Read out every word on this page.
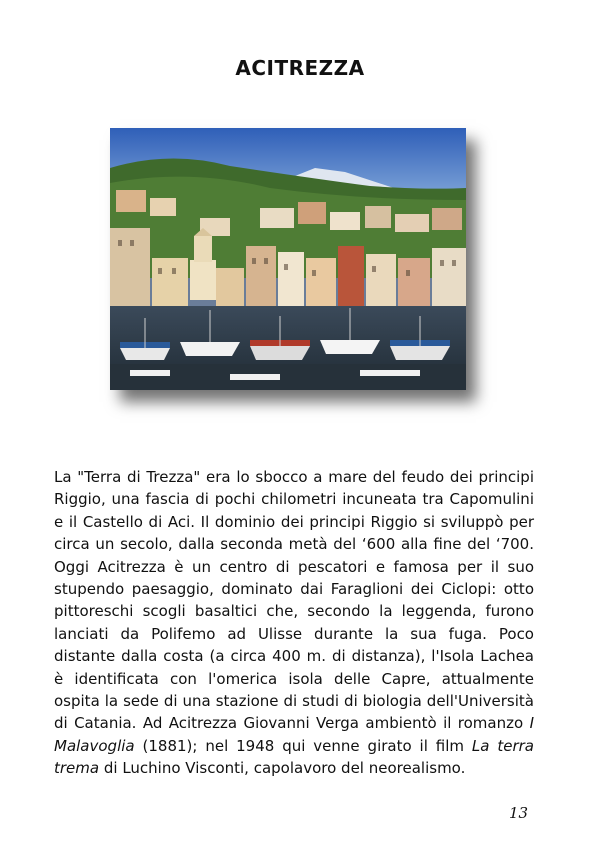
ACITREZZA

La "Terra di Trezza" era lo sbocco a mare del feudo dei principi Riggio, una fascia di pochi chilometri incuneata tra Capomulini e il Castello di Aci. Il dominio dei principi Riggio si sviluppò per circa un secolo, dalla seconda metà del ‘600 alla fine del ‘700. Oggi Acitrezza è un centro di pescatori e famosa per il suo stupendo paesaggio, dominato dai Faraglioni dei Ciclopi: otto pittoreschi scogli basaltici che, secondo la leggenda, furono lanciati da Polifemo ad Ulisse durante la sua fuga. Poco distante dalla costa (a circa 400 m. di distanza), l'Isola Lachea è identificata con l'omerica isola delle Capre, attualmente ospita la sede di una stazione di studi di biologia dell'Università di Catania. Ad Acitrezza Giovanni Verga ambientò il romanzo I Malavoglia (1881); nel 1948 qui venne girato il film La terra trema di Luchino Visconti, capolavoro del neorealismo.

13
